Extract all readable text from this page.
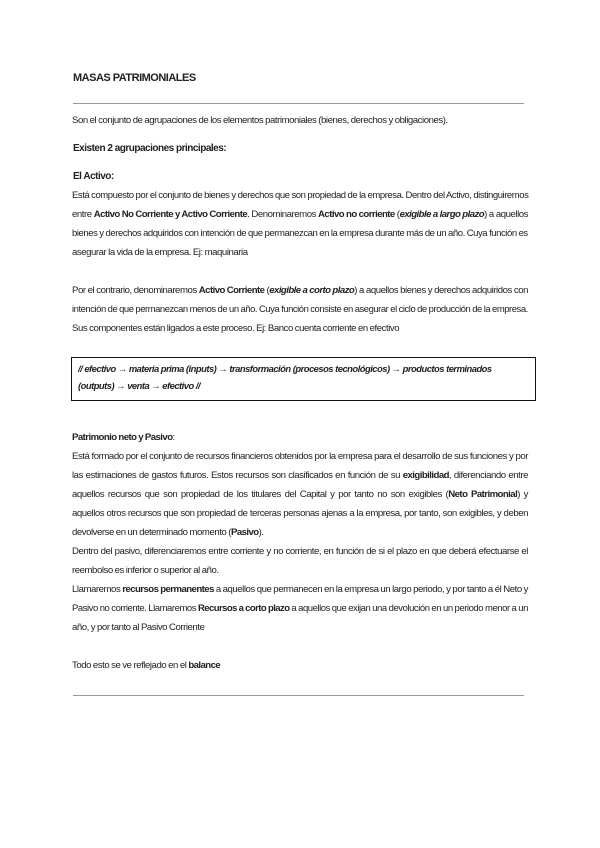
MASAS PATRIMONIALES
Son el conjunto de agrupaciones de los elementos patrimoniales (bienes, derechos y obligaciones).
Existen 2 agrupaciones principales:
El Activo:
Está compuesto por el conjunto de bienes y derechos que son propiedad de la empresa. Dentro del Activo, distinguiremos
entre Activo No Corriente y Activo Corriente. Denominaremos Activo no corriente (exigible a largo plazo) a aquellos
bienes y derechos adquiridos con intención de que permanezcan en la empresa durante más de un año. Cuya función es
asegurar la vida de la empresa. Ej: maquinaria
Por el contrario, denominaremos Activo Corriente (exigible a corto plazo) a aquellos bienes y derechos adquiridos con
intención de que permanezcan menos de un año. Cuya función consiste en asegurar el ciclo de producción de la empresa.
Sus componentes están ligados a este proceso. Ej: Banco cuenta corriente en efectivo
// efectivo → materia prima (inputs) → transformación (procesos tecnológicos) → productos terminados
(outputs) → venta → efectivo //
Patrimonio neto y Pasivo:
Está formado por el conjunto de recursos financieros obtenidos por la empresa para el desarrollo de sus funciones y por
las estimaciones de gastos futuros. Estos recursos son clasificados en función de su exigibilidad, diferenciando entre
aquellos recursos que son propiedad de los titulares del Capital y por tanto no son exigibles (Neto Patrimonial) y
aquellos otros recursos que son propiedad de terceras personas ajenas a la empresa, por tanto, son exigibles, y deben
devolverse en un determinado momento (Pasivo).
Dentro del pasivo, diferenciaremos entre corriente y no corriente, en función de si el plazo en que deberá efectuarse el
reembolso es inferior o superior al año.
Llamaremos recursos permanentes a aquellos que permanecen en la empresa un largo periodo, y por tanto a él Neto y
Pasivo no corriente. Llamaremos Recursos a corto plazo a aquellos que exijan una devolución en un periodo menor a un
año, y por tanto al Pasivo Corriente
Todo esto se ve reflejado en el balance
